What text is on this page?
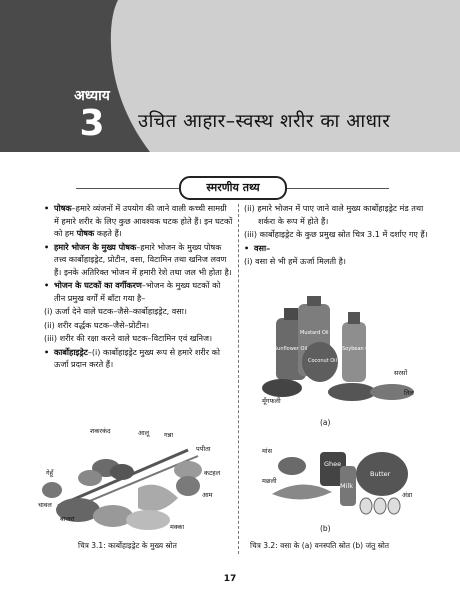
अध्याय
3	उचित आहार–स्वस्थ शरीर का आधार
स्मरणीय तथ्य
• पोषक–हमारे व्यंजनों में उपयोग की जाने वाली कच्ची सामग्री में हमारे शरीर के लिए कुछ आवश्यक घटक होते हैं। इन घटकों को हम पोषक कहते हैं।
• हमारे भोजन के मुख्य पोषक–हमारे भोजन के मुख्य पोषक तत्त्व कार्बोहाइड्रेट, प्रोटीन, वसा, विटामिन तथा खनिज लवण हैं। इनके अतिरिक्त भोजन में हमारी रेशे तथा जल भी होता है।
• भोजन के घटकों का वर्गीकरण–भोजन के मुख्य घटकों को तीन प्रमुख वर्गों में बाँटा गया है–
(i) ऊर्जा देने वाले घटक–जैसे–कार्बोहाइड्रेट, वसा।
(ii) शरीर वर्द्धक घटक–जैसे–प्रोटीन।
(iii) शरीर की रक्षा करने वाले घटक–विटामिन एवं खनिज।
• कार्बोहाइड्रेट–(i) कार्बोहाइड्रेट मुख्य रूप से हमारे शरीर को ऊर्जा प्रदान करते हैं।
(ii) हमारे भोजन में पाए जाने वाले मुख्य कार्बोहाइड्रेट मंड तथा शर्करा के रूप में होते हैं।
(iii) कार्बोहाइड्रेट के कुछ प्रमुख स्रोत चित्र 3.1 में दर्शाए गए हैं।
• वसा–
(i) वसा से भी हमें ऊर्जा मिलती है।
शकरकंद	आलू गन्ना
पपीता
गेहूँ
चावल
बाजरा
मक्का
आम
कटहल
चित्र 3.1: कार्बोहाइड्रेट के मुख्य स्रोत
Sunflower Oil
Mustard Oil
Coconut Oil
Soybean Oil
मूँगफली
सरसों
तिल
(a)
मांस
मछली
Ghee
Milk
Butter
अंडा
(b)
चित्र 3.2: वसा के (a) वनस्पति स्रोत (b) जंतु स्रोत
17
